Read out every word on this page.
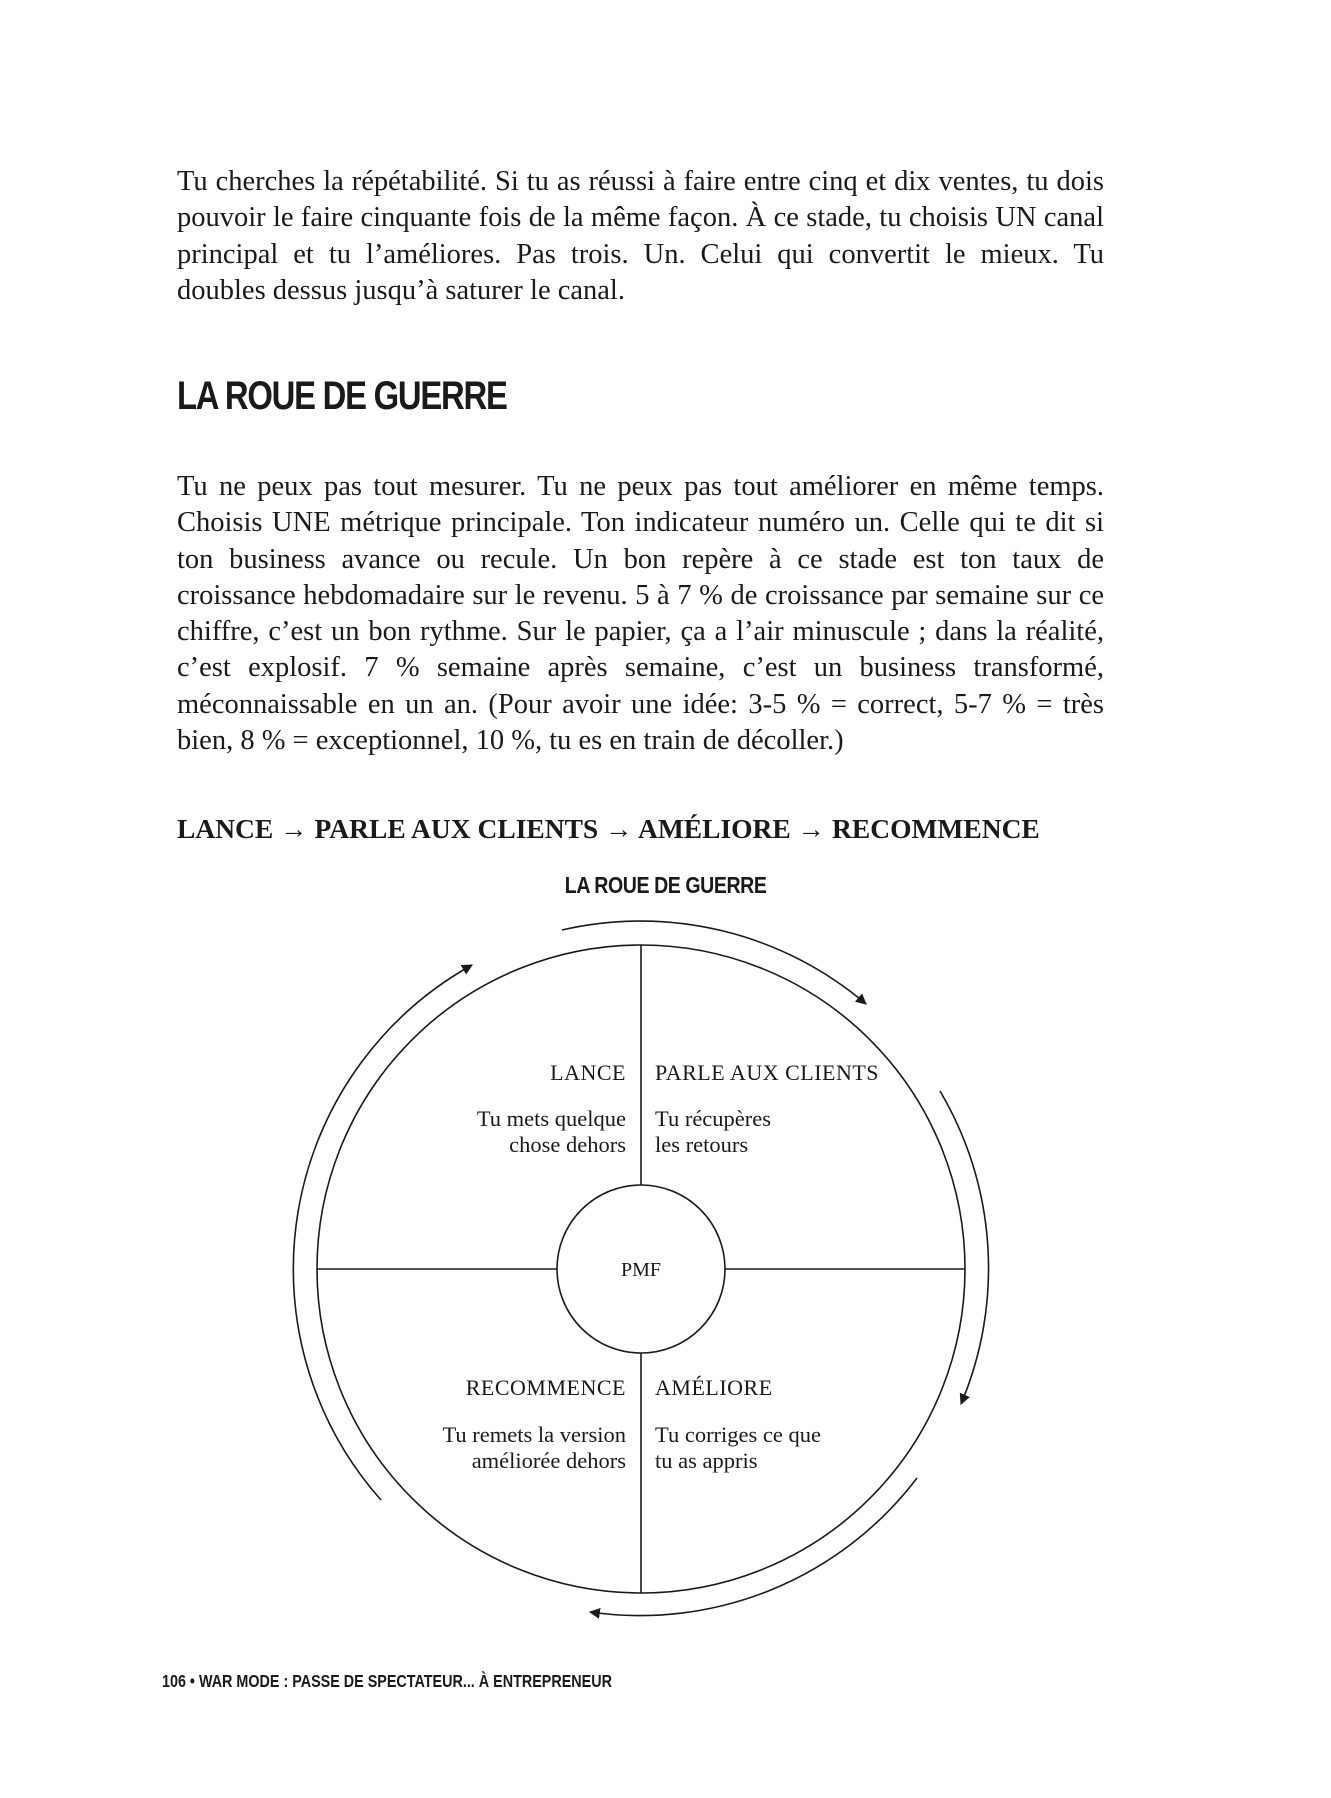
Tu cherches la répétabilité. Si tu as réussi à faire entre cinq et dix ventes, tu dois pouvoir le faire cinquante fois de la même façon. À ce stade, tu choisis UN canal principal et tu l’améliores. Pas trois. Un. Celui qui convertit le mieux. Tu doubles dessus jusqu’à saturer le canal.

LA ROUE DE GUERRE

Tu ne peux pas tout mesurer. Tu ne peux pas tout améliorer en même temps. Choisis UNE métrique principale. Ton indicateur numéro un. Celle qui te dit si ton business avance ou recule. Un bon repère à ce stade est ton taux de croissance hebdomadaire sur le revenu. 5 à 7 % de croissance par semaine sur ce chiffre, c’est un bon rythme. Sur le papier, ça a l’air minuscule ; dans la réalité, c’est explosif. 7 % semaine après semaine, c’est un business transformé, méconnaissable en un an. (Pour avoir une idée: 3-5 % = correct, 5-7 % = très bien, 8 % = exceptionnel, 10 %, tu es en train de décoller.)

LANCE → PARLE AUX CLIENTS → AMÉLIORE → RECOMMENCE

LA ROUE DE GUERRE

PMF
LANCE
Tu mets quelque
chose dehors
PARLE AUX CLIENTS
Tu récupères
les retours
AMÉLIORE
Tu corriges ce que
tu as appris
RECOMMENCE
Tu remets la version
améliorée dehors

106 • WAR MODE : PASSE DE SPECTATEUR... À ENTREPRENEUR
